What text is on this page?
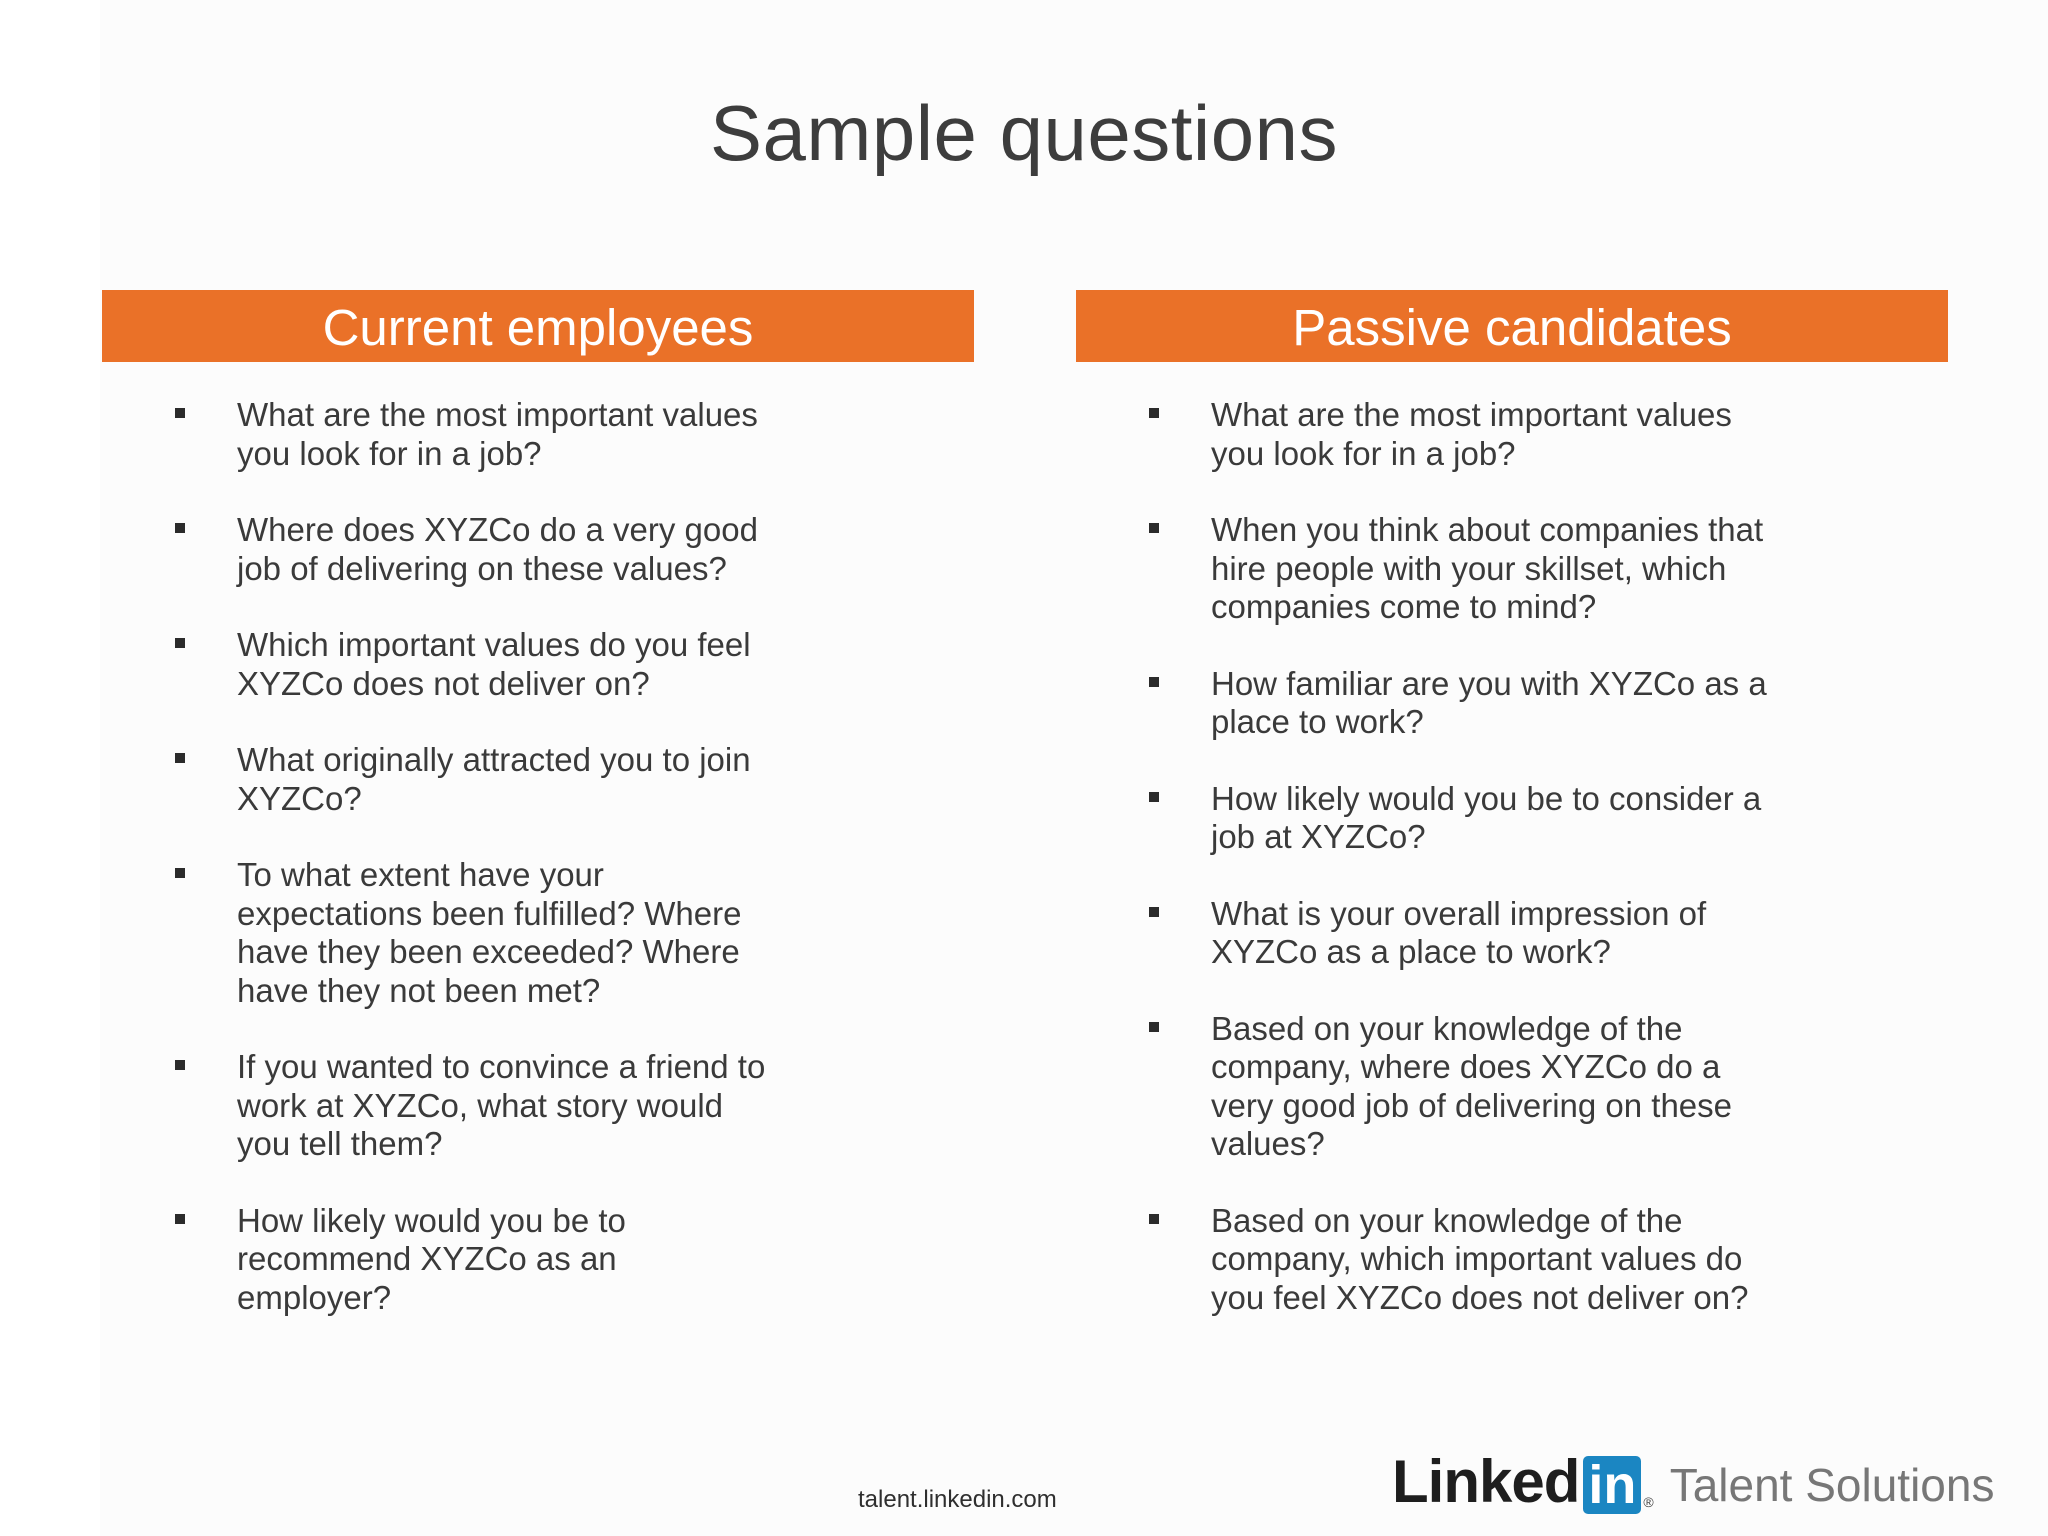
Sample questions
Current employees
What are the most important values you look for in a job?
Where does XYZCo do a very good job of delivering on these values?
Which important values do you feel XYZCo does not deliver on?
What originally attracted you to join XYZCo?
To what extent have your expectations been fulfilled? Where have they been exceeded? Where have they not been met?
If you wanted to convince a friend to work at XYZCo, what story would you tell them?
How likely would you be to recommend XYZCo as an employer?
Passive candidates
What are the most important values you look for in a job?
When you think about companies that hire people with your skillset, which companies come to mind?
How familiar are you with XYZCo as a place to work?
How likely would you be to consider a job at XYZCo?
What is your overall impression of XYZCo as a place to work?
Based on your knowledge of the company, where does XYZCo do a very good job of delivering on these values?
Based on your knowledge of the company, which important values do you feel XYZCo does not deliver on?
talent.linkedin.com	Linked in ® Talent Solutions
